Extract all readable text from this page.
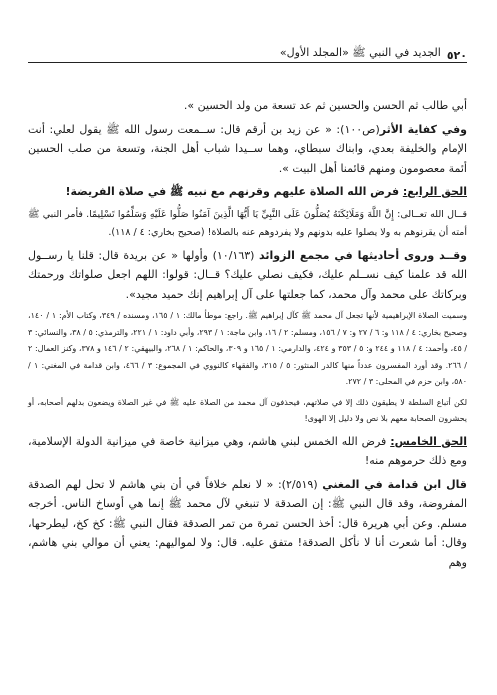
٥٢٠
الجديد في النبي ﷺ «المجلد الأول»

أبي طالب ثم الحسن والحسين ثم عد تسعة من ولد الحسين ».

وفي كفاية الأثر(ص١٠٠): « عن زيد بن أرقم قال: ســمعت رسول الله ﷺ يقول لعلي: أنت الإمام والخليفة بعدي، وابناك سبطاي، وهما ســيدا شباب أهل الجنة، وتسعة من صلب الحسين أئمة معصومون ومنهم قائمنا أهل البيت ».

الحق الرابع: فرض الله الصلاة عليهم وقرنهم مع نبيه ﷺ في صلاة الفريضة!

قــال الله تعــالى: إِنَّ اللَّهَ وَمَلَائِكَتَهُ يُصَلُّونَ عَلَى النَّبِيِّ يَا أَيُّهَا الَّذِينَ آمَنُوا صَلُّوا عَلَيْهِ وَسَلِّمُوا تَسْلِيمًا. فأمر النبي ﷺ أمته أن يقرنوهم به ولا يصلوا عليه بدونهم ولا يفردوهم عنه بالصلاة! (صحيح بخاري: ٤ / ١١٨).

وقــد وروى أحاديثها في مجمع الزوائد (١٠/١٦٣) وأولها « عن بريدة قال: قلنا يا رســول الله قد علمنا كيف نســلم عليك، فكيف نصلي عليك؟ قــال: قولوا: اللهم اجعل صلواتك ورحمتك وبركاتك على محمد وآل محمد، كما جعلتها على آل إبراهيم إنك حميد مجيد».

وسميت الصلاة الإبراهيمية لأنها تجعل آل محمد ﷺ كآل إبراهيم ﷺ. راجع: موطأ مالك: ١ / ١٦٥، ومسنده / ٣٤٩، وكتاب الأم: ١ / ١٤٠، وصحيح بخاري: ٤ / ١١٨ و: ٦ / ٢٧ و: ٧ / ١٥٦، ومسلم: ٢ / ١٦، وابن ماجة: ١ / ٢٩٣، وأبي داود: ١ / ٢٢١، والترمذي: ٥ / ٣٨، والنسائي: ٣ / ٤٥، وأحمد: ٤ / ١١٨ و ٢٤٤ و: ٥ / ٣٥٣ و ٤٢٤، والدارمي: ١ / ١٦٥ و ٣٠٩، والحاكم: ١ / ٢٦٨، والبيهقي: ٢ / ١٤٦ و ٣٧٨، وكنز العمال: ٢ / ٢٦٦. وقد أورد المفسرون عدداً منها كالدر المنثور: ٥ / ٢١٥، والفقهاء كالنووي في المجموع: ٣ / ٤٦٦، وابن قدامة في المغني: ١ / ٥٨٠، وابن حزم في المحلى: ٣ / ٢٧٢.

لكن أتباع السلطة لا يطيقون ذلك إلا في صلاتهم، فيحذفون آل محمد من الصلاة عليه ﷺ في غير الصلاة ويضعون بدلهم أصحابه، أو يحشرون الصحابة معهم بلا نص ولا دليل إلا الهوى!

الحق الخامس: فرض الله الخمس لبني هاشم، وهي ميزانية خاصة في ميزانية الدولة الإسلامية، ومع ذلك حرموهم منه!

قال ابن قدامة في المغني (٢/٥١٩): « لا نعلم خلافاً في أن بني هاشم لا تحل لهم الصدقة المفروضة، وقد قال النبي ﷺ: إن الصدقة لا تنبغي لآل محمد ﷺ إنما هي أوساخ الناس. أخرجه مسلم. وعن أبي هريرة قال: أخذ الحسن تمرة من تمر الصدقة فقال النبي ﷺ: كخ كخ، ليطرحها، وقال: أما شعرت أنا لا نأكل الصدقة! متفق عليه. قال: ولا لمواليهم: يعني أن موالي بني هاشم، وهم
